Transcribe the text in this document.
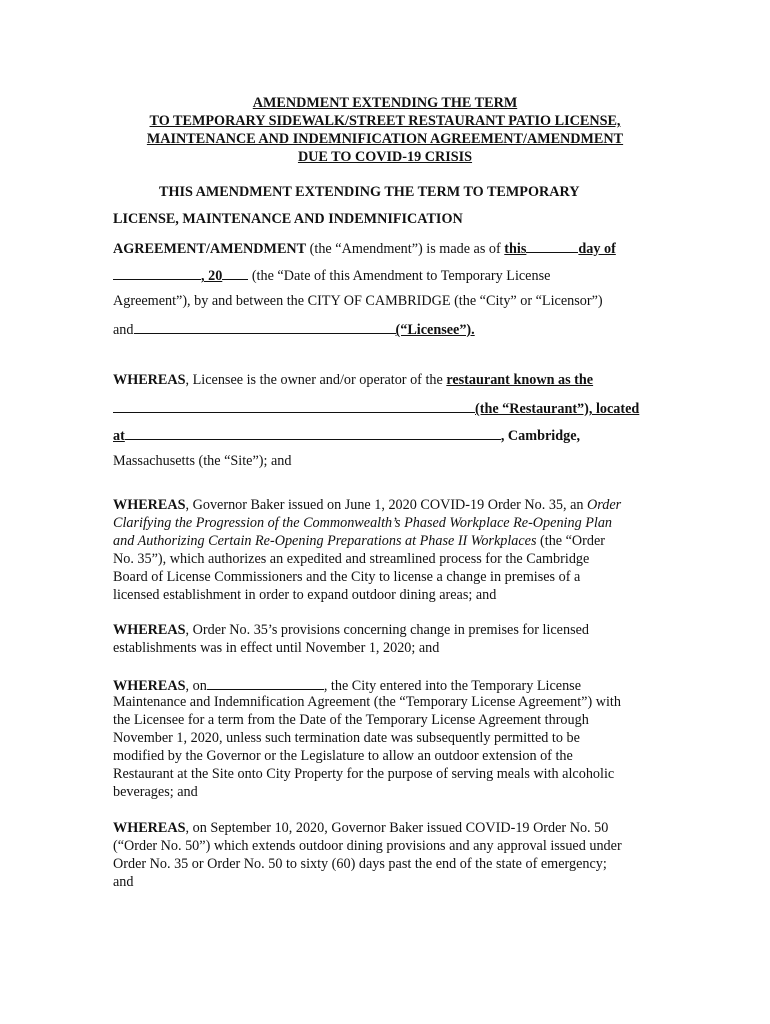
AMENDMENT EXTENDING THE TERM
TO TEMPORARY SIDEWALK/STREET RESTAURANT PATIO LICENSE,
MAINTENANCE AND INDEMNIFICATION AGREEMENT/AMENDMENT
DUE TO COVID-19 CRISIS
THIS AMENDMENT EXTENDING THE TERM TO TEMPORARY
LICENSE, MAINTENANCE AND INDEMNIFICATION
AGREEMENT/AMENDMENT (the “Amendment”) is made as of this	day of
, 20 (the “Date of this Amendment to Temporary License
Agreement”), by and between the CITY OF CAMBRIDGE (the “City” or “Licensor”)
and	(“Licensee”).
WHEREAS, Licensee is the owner and/or operator of the restaurant known as the
(the “Restaurant”), located
at	, Cambridge,
Massachusetts (the “Site”); and
WHEREAS, Governor Baker issued on June 1, 2020 COVID-19 Order No. 35, an Order
Clarifying the Progression of the Commonwealth’s Phased Workplace Re-Opening Plan
and Authorizing Certain Re-Opening Preparations at Phase II Workplaces (the “Order
No. 35”), which authorizes an expedited and streamlined process for the Cambridge
Board of License Commissioners and the City to license a change in premises of a
licensed establishment in order to expand outdoor dining areas; and
WHEREAS, Order No. 35’s provisions concerning change in premises for licensed
establishments was in effect until November 1, 2020; and
WHEREAS, on	, the City entered into the Temporary License
Maintenance and Indemnification Agreement (the “Temporary License Agreement”) with
the Licensee for a term from the Date of the Temporary License Agreement through
November 1, 2020, unless such termination date was subsequently permitted to be
modified by the Governor or the Legislature to allow an outdoor extension of the
Restaurant at the Site onto City Property for the purpose of serving meals with alcoholic
beverages; and
WHEREAS, on September 10, 2020, Governor Baker issued COVID-19 Order No. 50
(“Order No. 50”) which extends outdoor dining provisions and any approval issued under
Order No. 35 or Order No. 50 to sixty (60) days past the end of the state of emergency;
and
